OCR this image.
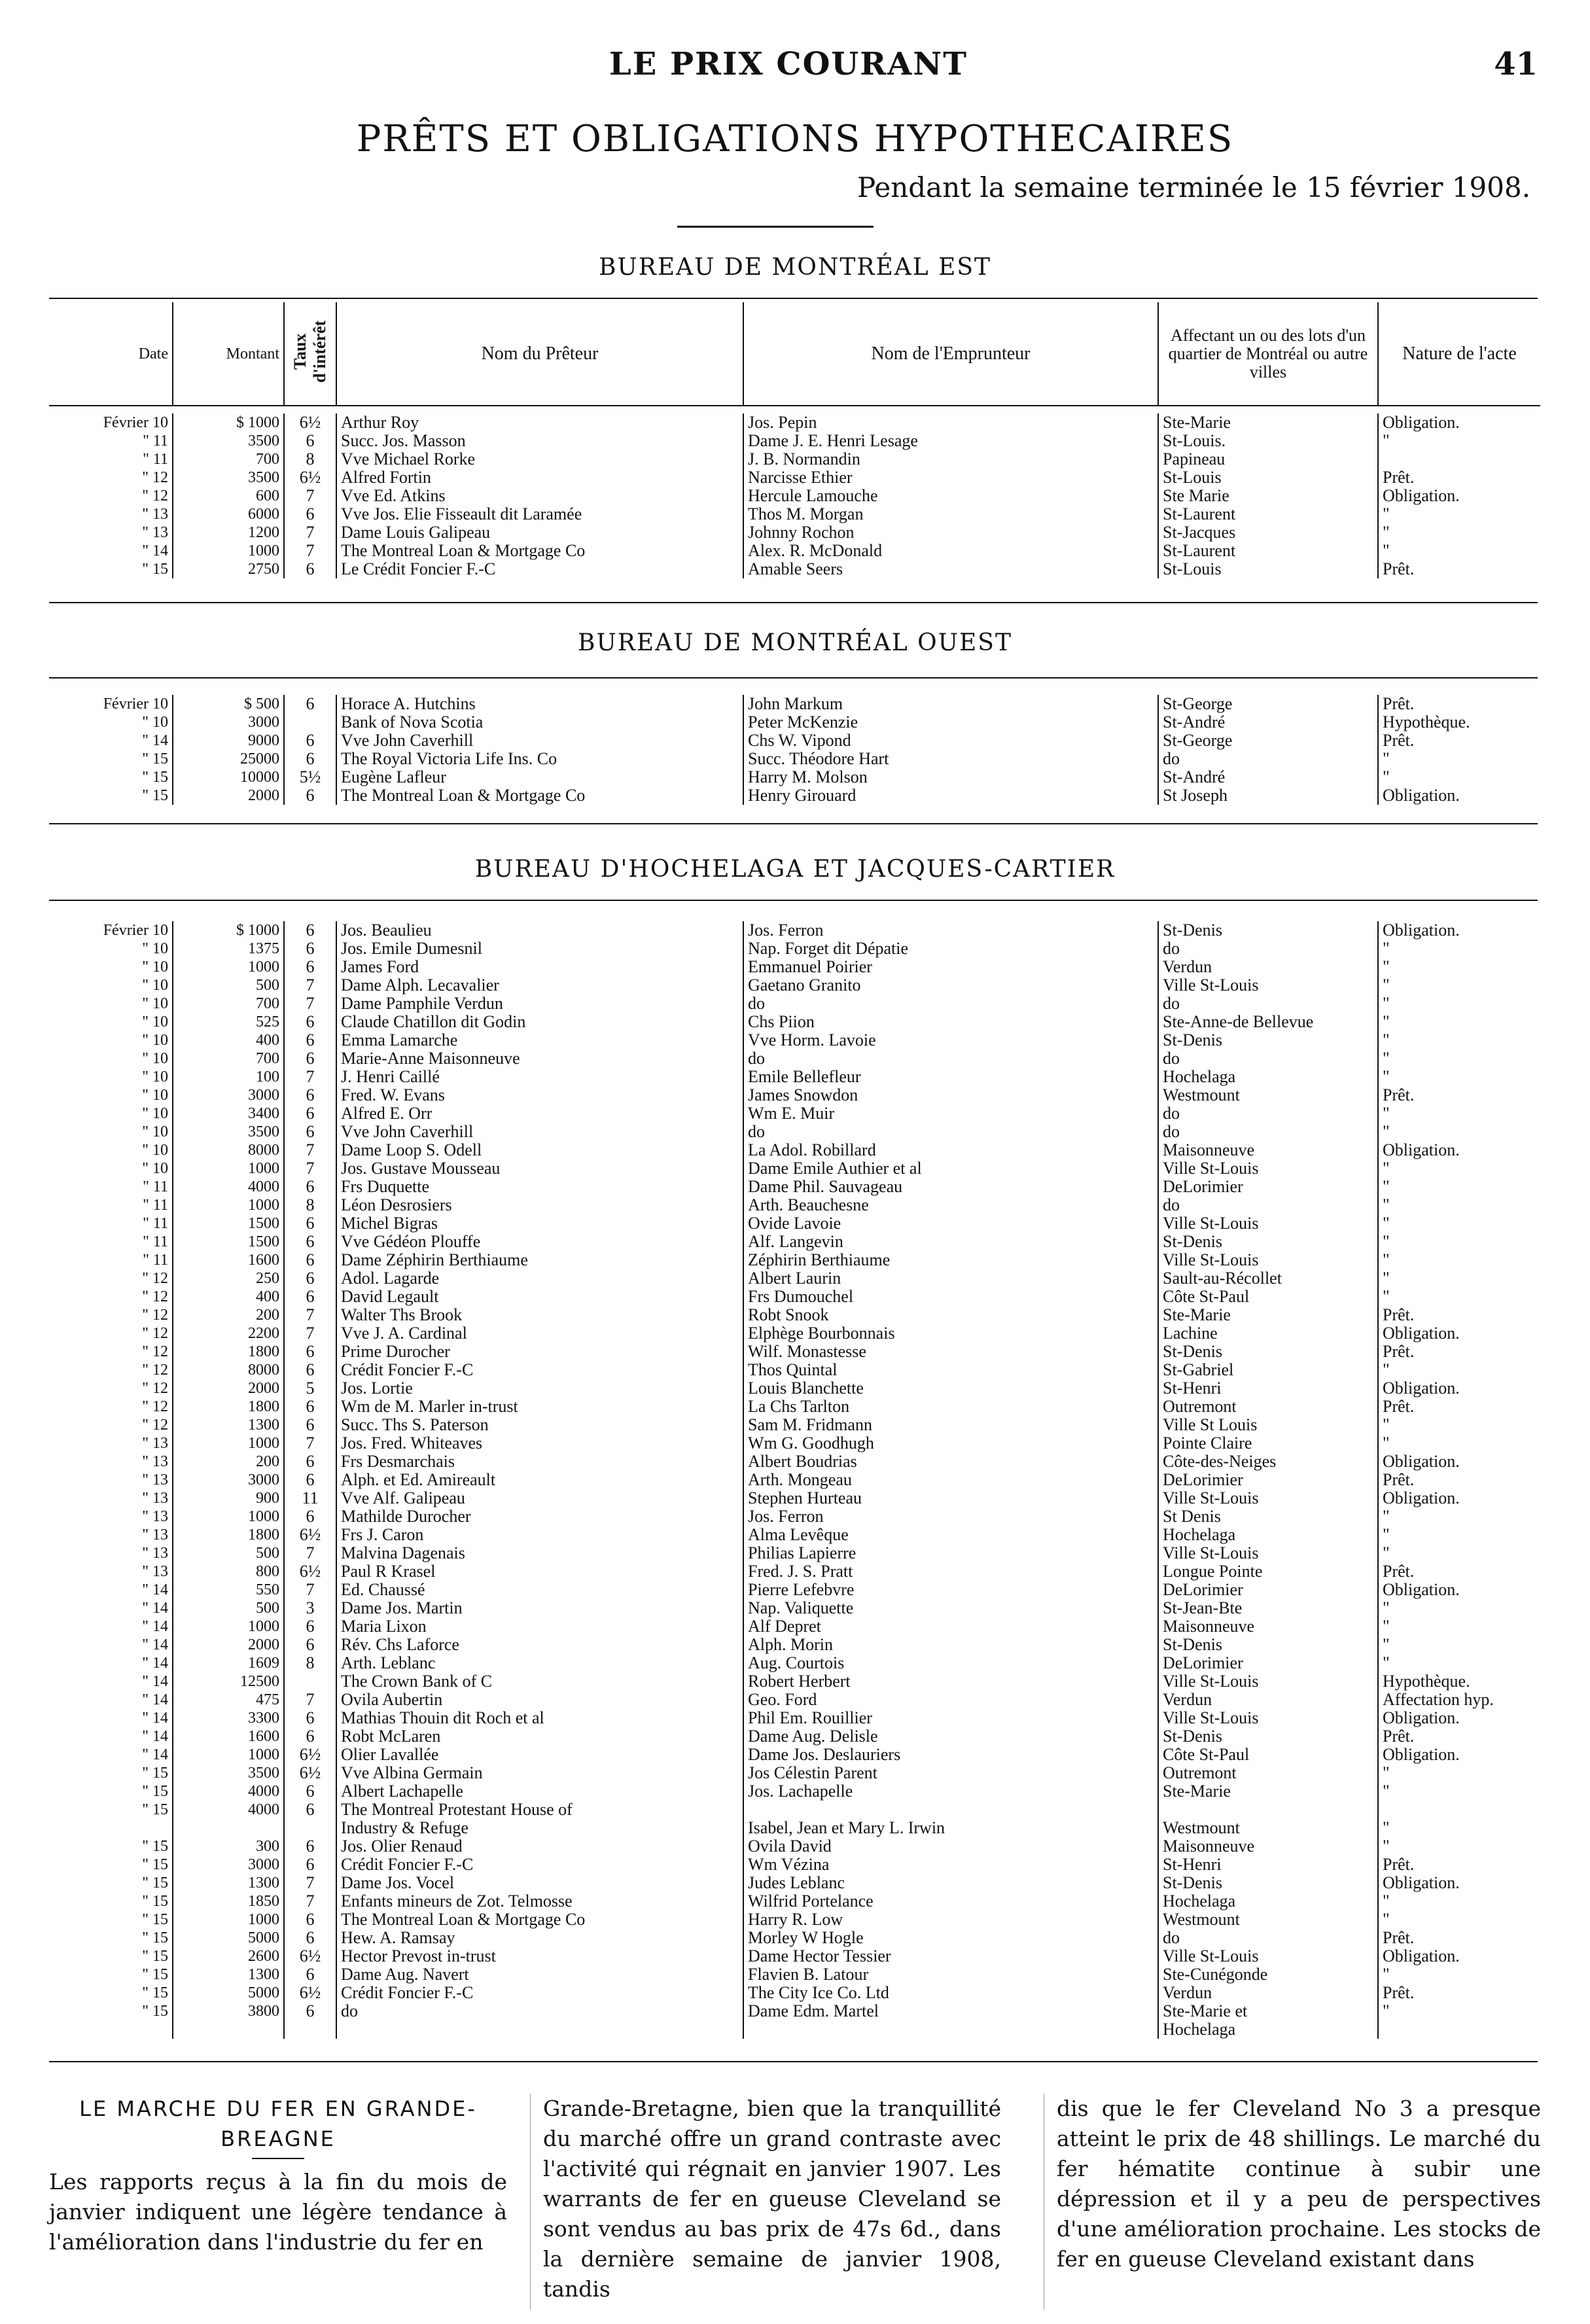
LE PRIX COURANT	41
PRÊTS ET OBLIGATIONS HYPOTHECAIRES
Pendant la semaine terminée le 15 février 1908.
BUREAU DE MONTRÉAL EST
Date	Montant	Taux d'intérêt	Nom du Prêteur	Nom de l'Emprunteur	Affectant un ou des lots d'un quartier de Montréal ou autre villes	Nature de l'acte
Février 10	$ 1000	6½	Arthur Roy	Jos. Pepin	Ste-Marie	Obligation.
" 11	3500	6	Succ. Jos. Masson	Dame J. E. Henri Lesage	St-Louis.	"
" 11	700	8	Vve Michael Rorke	J. B. Normandin	Papineau	
" 12	3500	6½	Alfred Fortin	Narcisse Ethier	St-Louis	Prêt.
" 12	600	7	Vve Ed. Atkins	Hercule Lamouche	Ste Marie	Obligation.
" 13	6000	6	Vve Jos. Elie Fisseault dit Laramée	Thos M. Morgan	St-Laurent	"
" 13	1200	7	Dame Louis Galipeau	Johnny Rochon	St-Jacques	"
" 14	1000	7	The Montreal Loan & Mortgage Co	Alex. R. McDonald	St-Laurent	"
" 15	2750	6	Le Crédit Foncier F.-C	Amable Seers	St-Louis	Prêt.
BUREAU DE MONTRÉAL OUEST
Février 10	$ 500	6	Horace A. Hutchins	John Markum	St-George	Prêt.
" 10	3000		Bank of Nova Scotia	Peter McKenzie	St-André	Hypothèque.
" 14	9000	6	Vve John Caverhill	Chs W. Vipond	St-George	Prêt.
" 15	25000	6	The Royal Victoria Life Ins. Co	Succ. Théodore Hart	do	"
" 15	10000	5½	Eugène Lafleur	Harry M. Molson	St-André	"
" 15	2000	6	The Montreal Loan & Mortgage Co	Henry Girouard	St Joseph	Obligation.
BUREAU D'HOCHELAGA ET JACQUES-CARTIER
Février 10	$ 1000	6	Jos. Beaulieu	Jos. Ferron	St-Denis	Obligation.
" 10	1375	6	Jos. Emile Dumesnil	Nap. Forget dit Dépatie	do	"
" 10	1000	6	James Ford	Emmanuel Poirier	Verdun	"
" 10	500	7	Dame Alph. Lecavalier	Gaetano Granito	Ville St-Louis	"
" 10	700	7	Dame Pamphile Verdun	do	do	"
" 10	525	6	Claude Chatillon dit Godin	Chs Piion	Ste-Anne-de Bellevue	"
" 10	400	6	Emma Lamarche	Vve Horm. Lavoie	St-Denis	"
" 10	700	6	Marie-Anne Maisonneuve	do	do	"
" 10	100	7	J. Henri Caillé	Emile Bellefleur	Hochelaga	"
" 10	3000	6	Fred. W. Evans	James Snowdon	Westmount	Prêt.
" 10	3400	6	Alfred E. Orr	Wm E. Muir	do	"
" 10	3500	6	Vve John Caverhill	do	do	"
" 10	8000	7	Dame Loop S. Odell	La Adol. Robillard	Maisonneuve	Obligation.
" 10	1000	7	Jos. Gustave Mousseau	Dame Emile Authier et al	Ville St-Louis	"
" 11	4000	6	Frs Duquette	Dame Phil. Sauvageau	DeLorimier	"
" 11	1000	8	Léon Desrosiers	Arth. Beauchesne	do	"
" 11	1500	6	Michel Bigras	Ovide Lavoie	Ville St-Louis	"
" 11	1500	6	Vve Gédéon Plouffe	Alf. Langevin	St-Denis	"
" 11	1600	6	Dame Zéphirin Berthiaume	Zéphirin Berthiaume	Ville St-Louis	"
" 12	250	6	Adol. Lagarde	Albert Laurin	Sault-au-Récollet	"
" 12	400	6	David Legault	Frs Dumouchel	Côte St-Paul	"
" 12	200	7	Walter Ths Brook	Robt Snook	Ste-Marie	Prêt.
" 12	2200	7	Vve J. A. Cardinal	Elphège Bourbonnais	Lachine	Obligation.
" 12	1800	6	Prime Durocher	Wilf. Monastesse	St-Denis	Prêt.
" 12	8000	6	Crédit Foncier F.-C	Thos Quintal	St-Gabriel	"
" 12	2000	5	Jos. Lortie	Louis Blanchette	St-Henri	Obligation.
" 12	1800	6	Wm de M. Marler in-trust	La Chs Tarlton	Outremont	Prêt.
" 12	1300	6	Succ. Ths S. Paterson	Sam M. Fridmann	Ville St Louis	"
" 13	1000	7	Jos. Fred. Whiteaves	Wm G. Goodhugh	Pointe Claire	"
" 13	200	6	Frs Desmarchais	Albert Boudrias	Côte-des-Neiges	Obligation.
" 13	3000	6	Alph. et Ed. Amireault	Arth. Mongeau	DeLorimier	Prêt.
" 13	900	11	Vve Alf. Galipeau	Stephen Hurteau	Ville St-Louis	Obligation.
" 13	1000	6	Mathilde Durocher	Jos. Ferron	St Denis	"
" 13	1800	6½	Frs J. Caron	Alma Levêque	Hochelaga	"
" 13	500	7	Malvina Dagenais	Philias Lapierre	Ville St-Louis	"
" 13	800	6½	Paul R Krasel	Fred. J. S. Pratt	Longue Pointe	Prêt.
" 14	550	7	Ed. Chaussé	Pierre Lefebvre	DeLorimier	Obligation.
" 14	500	3	Dame Jos. Martin	Nap. Valiquette	St-Jean-Bte	"
" 14	1000	6	Maria Lixon	Alf Depret	Maisonneuve	"
" 14	2000	6	Rév. Chs Laforce	Alph. Morin	St-Denis	"
" 14	1609	8	Arth. Leblanc	Aug. Courtois	DeLorimier	"
" 14	12500		The Crown Bank of C	Robert Herbert	Ville St-Louis	Hypothèque.
" 14	475	7	Ovila Aubertin	Geo. Ford	Verdun	Affectation hyp.
" 14	3300	6	Mathias Thouin dit Roch et al	Phil Em. Rouillier	Ville St-Louis	Obligation.
" 14	1600	6	Robt McLaren	Dame Aug. Delisle	St-Denis	Prêt.
" 14	1000	6½	Olier Lavallée	Dame Jos. Deslauriers	Côte St-Paul	Obligation.
" 15	3500	6½	Vve Albina Germain	Jos Célestin Parent	Outremont	"
" 15	4000	6	Albert Lachapelle	Jos. Lachapelle	Ste-Marie	"
" 15	4000	6	The Montreal Protestant House of			
			Industry & Refuge	Isabel, Jean et Mary L. Irwin	Westmount	"
" 15	300	6	Jos. Olier Renaud	Ovila David	Maisonneuve	"
" 15	3000	6	Crédit Foncier F.-C	Wm Vézina	St-Henri	Prêt.
" 15	1300	7	Dame Jos. Vocel	Judes Leblanc	St-Denis	Obligation.
" 15	1850	7	Enfants mineurs de Zot. Telmosse	Wilfrid Portelance	Hochelaga	"
" 15	1000	6	The Montreal Loan & Mortgage Co	Harry R. Low	Westmount	"
" 15	5000	6	Hew. A. Ramsay	Morley W Hogle	do	Prêt.
" 15	2600	6½	Hector Prevost in-trust	Dame Hector Tessier	Ville St-Louis	Obligation.
" 15	1300	6	Dame Aug. Navert	Flavien B. Latour	Ste-Cunégonde	"
" 15	5000	6½	Crédit Foncier F.-C	The City Ice Co. Ltd	Verdun	Prêt.
" 15	3800	6	do	Dame Edm. Martel	Ste-Marie et	"
					Hochelaga	
LE MARCHE DU FER EN GRANDE-BREAGNE
Les rapports reçus à la fin du mois de janvier indiquent une légère tendance à l'amélioration dans l'industrie du fer en
Grande-Bretagne, bien que la tranquillité du marché offre un grand contraste avec l'activité qui régnait en janvier 1907. Les warrants de fer en gueuse Cleveland se sont vendus au bas prix de 47s 6d., dans la dernière semaine de janvier 1908, tandis
dis que le fer Cleveland No 3 a presque atteint le prix de 48 shillings. Le marché du fer hématite continue à subir une dépression et il y a peu de perspectives d'une amélioration prochaine. Les stocks de fer en gueuse Cleveland existant dans
